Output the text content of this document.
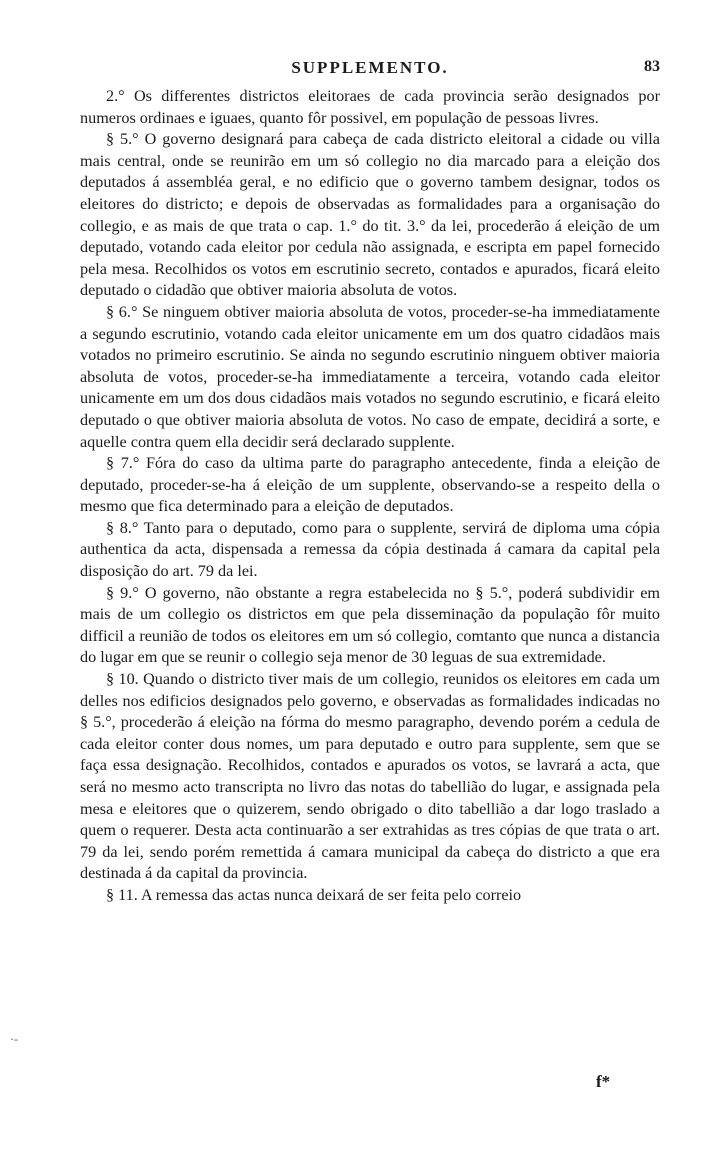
SUPPLEMENTO.	83

2.° Os differentes districtos eleitoraes de cada provincia serão designados por numeros ordinaes e iguaes, quanto fôr possivel, em população de pessoas livres.

§ 5.° O governo designará para cabeça de cada districto eleitoral a cidade ou villa mais central, onde se reunirão em um só collegio no dia marcado para a eleição dos deputados á assembléa geral, e no edificio que o governo tambem designar, todos os eleitores do districto; e depois de observadas as formalidades para a organisação do collegio, e as mais de que trata o cap. 1.° do tit. 3.° da lei, procederão á eleição de um deputado, votando cada eleitor por cedula não assignada, e escripta em papel fornecido pela mesa. Recolhidos os votos em escrutinio secreto, contados e apurados, ficará eleito deputado o cidadão que obtiver maioria absoluta de votos.

§ 6.° Se ninguem obtiver maioria absoluta de votos, proceder-se-ha immediatamente a segundo escrutinio, votando cada eleitor unicamente em um dos quatro cidadãos mais votados no primeiro escrutinio. Se ainda no segundo escrutinio ninguem obtiver maioria absoluta de votos, proceder-se-ha immediatamente a terceira, votando cada eleitor unicamente em um dos dous cidadãos mais votados no segundo escrutinio, e ficará eleito deputado o que obtiver maioria absoluta de votos. No caso de empate, decidirá a sorte, e aquelle contra quem ella decidir será declarado supplente.

§ 7.° Fóra do caso da ultima parte do paragrapho antecedente, finda a eleição de deputado, proceder-se-ha á eleição de um supplente, observando-se a respeito della o mesmo que fica determinado para a eleição de deputados.

§ 8.° Tanto para o deputado, como para o supplente, servirá de diploma uma cópia authentica da acta, dispensada a remessa da cópia destinada á camara da capital pela disposição do art. 79 da lei.

§ 9.° O governo, não obstante a regra estabelecida no § 5.°, poderá subdividir em mais de um collegio os districtos em que pela disseminação da população fôr muito difficil a reunião de todos os eleitores em um só collegio, comtanto que nunca a distancia do lugar em que se reunir o collegio seja menor de 30 leguas de sua extremidade.

§ 10. Quando o districto tiver mais de um collegio, reunidos os eleitores em cada um delles nos edificios designados pelo governo, e observadas as formalidades indicadas no § 5.°, procederão á eleição na fórma do mesmo paragrapho, devendo porém a cedula de cada eleitor conter dous nomes, um para deputado e outro para supplente, sem que se faça essa designação. Recolhidos, contados e apurados os votos, se lavrará a acta, que será no mesmo acto transcripta no livro das notas do tabellião do lugar, e assignada pela mesa e eleitores que o quizerem, sendo obrigado o dito tabellião a dar logo traslado a quem o requerer. Desta acta continuarão a ser extrahidas as tres cópias de que trata o art. 79 da lei, sendo porém remettida á camara municipal da cabeça do districto a que era destinada á da capital da provincia.

§ 11. A remessa das actas nunca deixará de ser feita pelo correio

f*
·-
